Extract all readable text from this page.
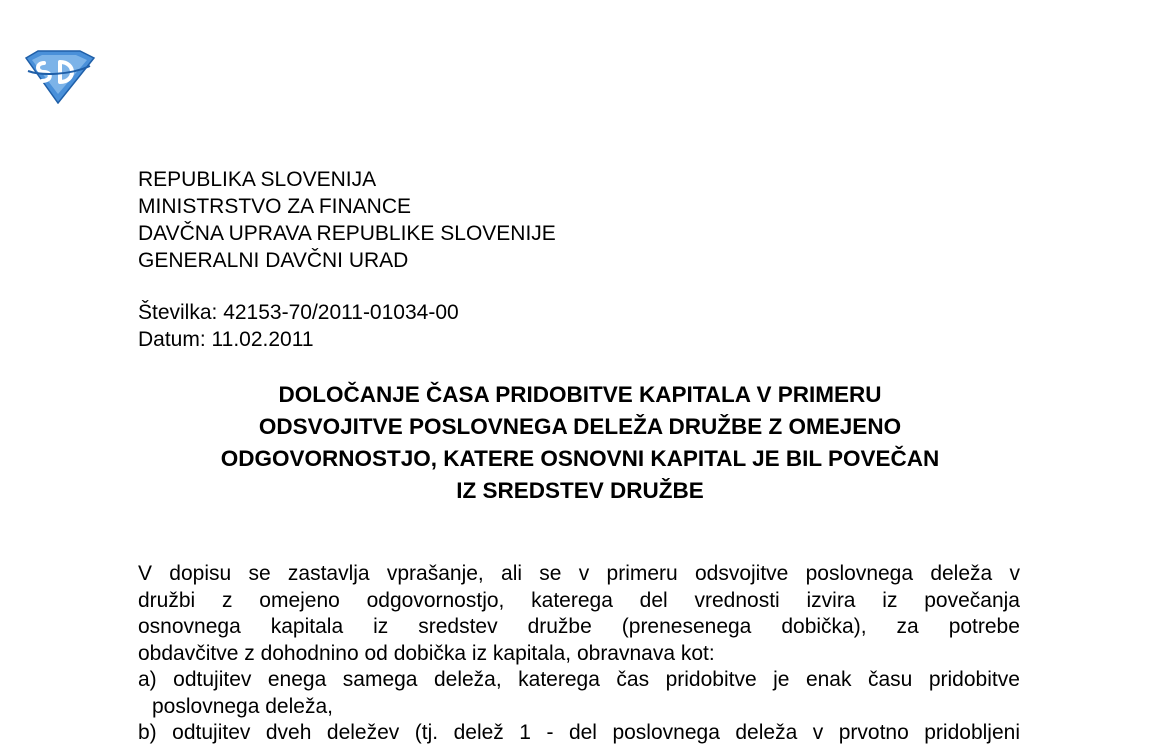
REPUBLIKA SLOVENIJA
MINISTRSTVO ZA FINANCE
DAVČNA UPRAVA REPUBLIKE SLOVENIJE
GENERALNI DAVČNI URAD
Številka: 42153-70/2011-01034-00
Datum: 11.02.2011
DOLOČANJE ČASA PRIDOBITVE KAPITALA V PRIMERU
ODSVOJITVE POSLOVNEGA DELEŽA DRUŽBE Z OMEJENO
ODGOVORNOSTJO, KATERE OSNOVNI KAPITAL JE BIL POVEČAN
IZ SREDSTEV DRUŽBE
V dopisu se zastavlja vprašanje, ali se v primeru odsvojitve poslovnega deleža v
družbi z omejeno odgovornostjo, katerega del vrednosti izvira iz povečanja
osnovnega kapitala iz sredstev družbe (prenesenega dobička), za potrebe
obdavčitve z dohodnino od dobička iz kapitala, obravnava kot:
a) odtujitev enega samega deleža, katerega čas pridobitve je enak času pridobitve
poslovnega deleža,
b) odtujitev dveh deležev (tj. delež 1 - del poslovnega deleža v prvotno pridobljeni
